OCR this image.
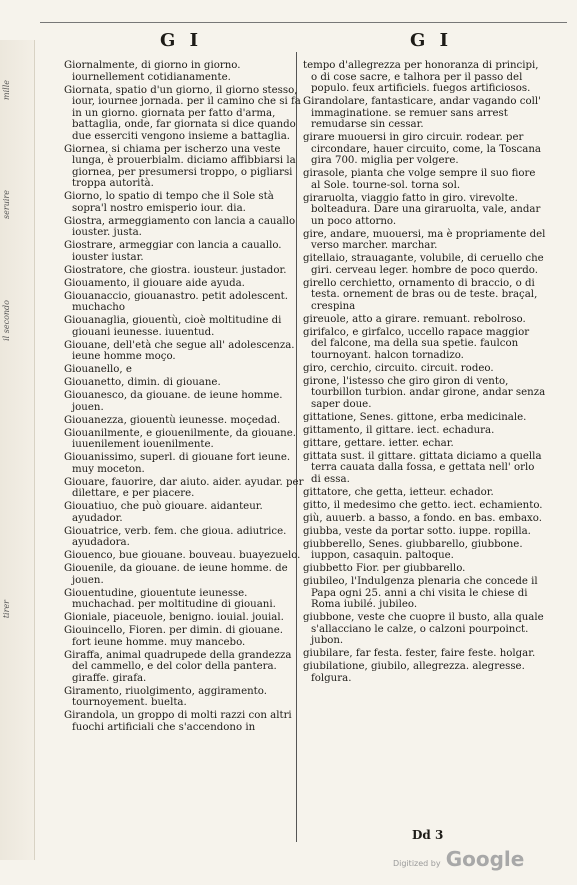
mille
seruire
il secondo
tirer
G I	G I
Giornalmente, di giorno in giorno. iournellement cotidianamente.
Giornata, spatio d'un giorno, il giorno stesso, iour, iournee jornada. per il camino che si fa in un giorno. giornata per fatto d'arma, battaglia, onde, far giornata si dice quando due esserciti vengono insieme a battaglia.
Giornea, si chiama per ischerzo una veste lunga, è prouerbialm. diciamo affibbiarsi la giornea, per presumersi troppo, o pigliarsi troppa autorità.
Giorno, lo spatio di tempo che il Sole stà sopra'l nostro emisperio iour. dia.
Giostra, armeggiamento con lancia a cauallo iouster. justa.
Giostrare, armeggiar con lancia a cauallo. iouster iustar.
Giostratore, che giostra. iousteur. justador.
Giouamento, il giouare aide ayuda.
Giouanaccio, giouanastro. petit adolescent. muchacho
Giouanaglia, giouentù, cioè moltitudine di giouani ieunesse. iuuentud.
Giouane, dell'età che segue all' adolescenza. ieune homme moço.
Giouanello, e
Giouanetto, dimin. di giouane.
Giouanesco, da giouane. de ieune homme. jouen.
Giouanezza, giouentù ieunesse. moçedad.
Giouanilmente, e giouenilmente, da giouane. iuuenilement iouenilmente.
Giouanissimo, superl. di giouane fort ieune. muy moceton.
Giouare, fauorire, dar aiuto. aider. ayudar. per dilettare, e per piacere.
Giouatiuo, che può giouare. aidanteur. ayudador.
Giouatrice, verb. fem. che gioua. adiutrice. ayudadora.
Giouenco, bue giouane. bouveau. buayezuelo.
Giouenile, da giouane. de ieune homme. de jouen.
Giouentudine, giouentute ieunesse. muchachad. per moltitudine di giouani.
Gioniale, piaceuole, benigno. iouial. jouial.
Giouincello, Fioren. per dimin. di giouane. fort ieune homme. muy mancebo.
Giraffa, animal quadrupede della grandezza del cammello, e del color della pantera. giraffe. girafa.
Giramento, riuolgimento, aggiramento. tournoyement. buelta.
Girandola, un groppo di molti razzi con altri fuochi artificiali che s'accendono in
tempo d'allegrezza per honoranza di principi, o di cose sacre, e talhora per il passo del populo. feux artificiels. fuegos artificiosos.
Girandolare, fantasticare, andar vagando coll' immaginatione. se remuer sans arrest remudarse sin cessar.
girare muouersi in giro circuir. rodear. per circondare, hauer circuito, come, la Toscana gira 700. miglia per volgere.
girasole, pianta che volge sempre il suo fiore al Sole. tourne-sol. torna sol.
giraruolta, viaggio fatto in giro. virevolte. bolteadura. Dare una giraruolta, vale, andar un poco attorno.
gire, andare, muouersi, ma è propriamente del verso marcher. marchar.
gitellaio, strauagante, volubile, di ceruello che giri. cerveau leger. hombre de poco querdo.
girello cerchietto, ornamento di braccio, o di testa. ornement de bras ou de teste. braçal, crespina
gireuole, atto a girare. remuant. rebolroso.
girifalco, e girfalco, uccello rapace maggior del falcone, ma della sua spetie. faulcon tournoyant. halcon tornadizo.
giro, cerchio, circuito. circuit. rodeo.
girone, l'istesso che giro giron di vento, tourbillon turbion. andar girone, andar senza saper doue.
gittatione, Senes. gittone, erba medicinale.
gittamento, il gittare. iect. echadura.
gittare, gettare. ietter. echar.
gittata sust. il gittare. gittata diciamo a quella terra cauata dalla fossa, e gettata nell' orlo di essa.
gittatore, che getta, ietteur. echador.
gitto, il medesimo che getto. iect. echamiento.
giù, auuerb. a basso, a fondo. en bas. embaxo.
giubba, veste da portar sotto. iuppe. ropilla.
giubberello, Senes. giubbarello, giubbone. iuppon, casaquin. paltoque.
giubbetto Fior. per giubbarello.
giubileo, l'Indulgenza plenaria che concede il Papa ogni 25. anni a chi visita le chiese di Roma iubilé. jubileo.
giubbone, veste che cuopre il busto, alla quale s'allacciano le calze, o calzoni pourpoinct. jubon.
giubilare, far festa. fester, faire feste. holgar.
giubilatione, giubilo, allegrezza. alegresse. folgura.
Dd 3
Digitized by Google
